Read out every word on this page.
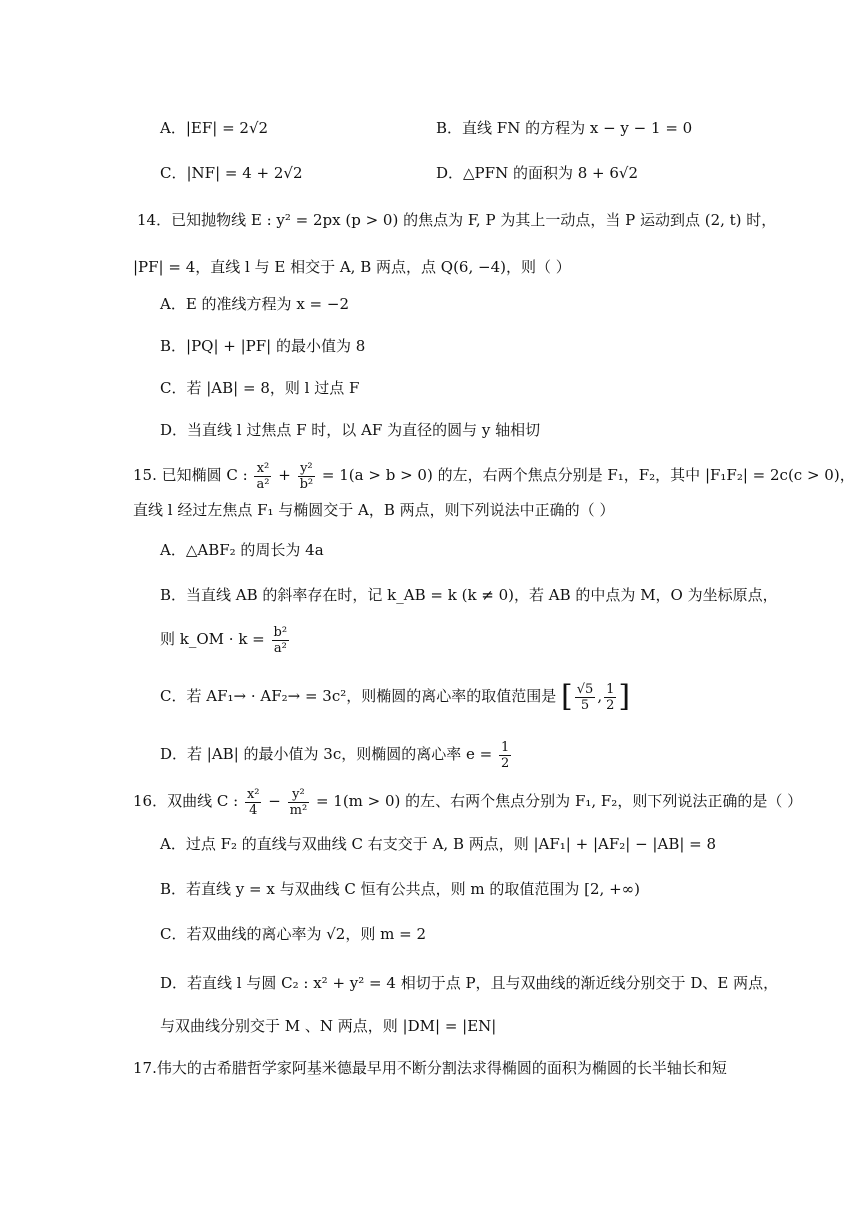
A．|EF| = 2√2	B．直线 FN 的方程为 x − y − 1 = 0
C．|NF| = 4 + 2√2	D．△PFN 的面积为 8 + 6√2
14．已知抛物线 E : y² = 2px (p > 0) 的焦点为 F, P 为其上一动点，当 P 运动到点 (2, t) 时，
|PF| = 4，直线 l 与 E 相交于 A, B 两点，点 Q(6, −4)，则（ ）
A．E 的准线方程为 x = −2
B．|PQ| + |PF| 的最小值为 8
C．若 |AB| = 8，则 l 过点 F
D．当直线 l 过焦点 F 时，以 AF 为直径的圆与 y 轴相切
15. 已知椭圆 C : $\frac{\text{x²}}{\text{a²}} + \frac{\text{y²}}{\text{b²}} = 1(a > b > 0)$ 的左，右两个焦点分别是 F₁，F₂，其中 |F₁F₂| = 2c(c > 0)，
直线 l 经过左焦点 F₁ 与椭圆交于 A，B 两点，则下列说法中正确的（ ）
A．△ABF₂ 的周长为 4a
B．当直线 AB 的斜率存在时，记 k_AB = k (k ≠ 0)，若 AB 的中点为 M，O 为坐标原点，
则 k_OM · $k = \frac{\text{b²}}{\text{a²}}$
C．若 AF₁→ · AF₂→ = 3c²，则椭圆的离心率的取值范围是 [ $\frac{√5}{5}$ , $\frac{1}{2}$ ]
D．若 |AB| 的最小值为 3c，则椭圆的离心率 $e = \frac{1}{2}$
16．双曲线 C : $\frac{\text{x²}}{4} - \frac{\text{y²}}{\text{m²}} = 1(m > 0)$ 的左、右两个焦点分别为 F₁, F₂，则下列说法正确的是（ ）
A．过点 F₂ 的直线与双曲线 C 右支交于 A, B 两点，则 |AF₁| + |AF₂| − |AB| = 8
B．若直线 y = x 与双曲线 C 恒有公共点，则 m 的取值范围为 [2, +∞)
C．若双曲线的离心率为 √2，则 m = 2
D．若直线 l 与圆 C₂ : x² + y² = 4 相切于点 P，且与双曲线的渐近线分别交于 D、E 两点，
与双曲线分别交于 M 、N 两点，则 |DM| = |EN|
17.伟大的古希腊哲学家阿基米德最早用不断分割法求得椭圆的面积为椭圆的长半轴长和短
